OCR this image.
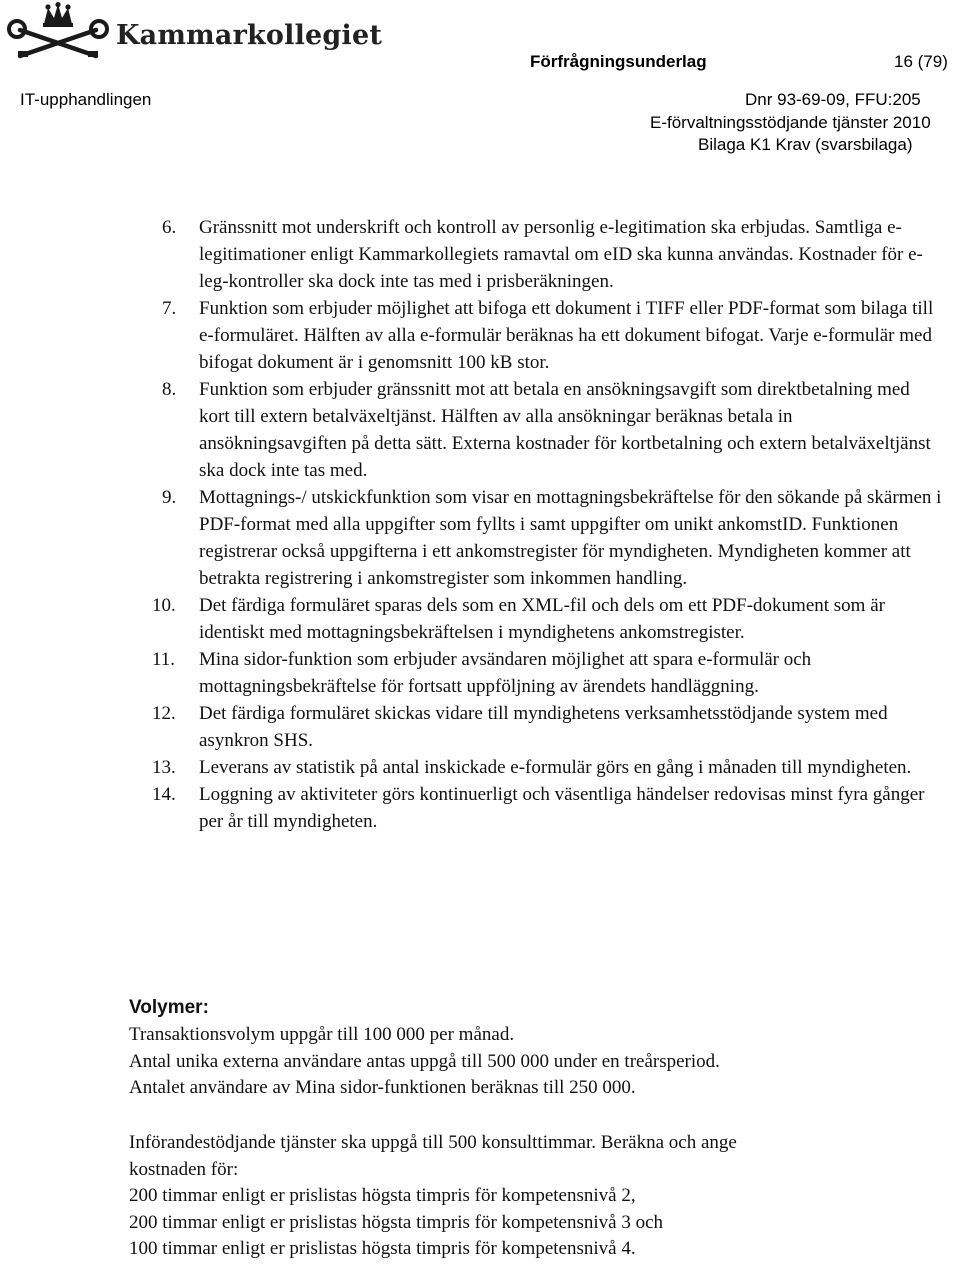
Kammarkollegiet
Förfrågningsunderlag	16 (79)
IT-upphandlingen	Dnr 93-69-09, FFU:205
E-förvaltningsstödjande tjänster 2010
Bilaga K1 Krav (svarsbilaga)
6. Gränssnitt mot underskrift och kontroll av personlig e-legitimation ska erbjudas. Samtliga e-legitimationer enligt Kammarkollegiets ramavtal om eID ska kunna användas. Kostnader för e-leg-kontroller ska dock inte tas med i prisberäkningen.
7. Funktion som erbjuder möjlighet att bifoga ett dokument i TIFF eller PDF-format som bilaga till e-formuläret. Hälften av alla e-formulär beräknas ha ett dokument bifogat. Varje e-formulär med bifogat dokument är i genomsnitt 100 kB stor.
8. Funktion som erbjuder gränssnitt mot att betala en ansökningsavgift som direktbetalning med kort till extern betalväxeltjänst. Hälften av alla ansökningar beräknas betala in ansökningsavgiften på detta sätt. Externa kostnader för kortbetalning och extern betalväxeltjänst ska dock inte tas med.
9. Mottagnings-/ utskickfunktion som visar en mottagningsbekräftelse för den sökande på skärmen i PDF-format med alla uppgifter som fyllts i samt uppgifter om unikt ankomstID. Funktionen registrerar också uppgifterna i ett ankomstregister för myndigheten. Myndigheten kommer att betrakta registrering i ankomstregister som inkommen handling.
10. Det färdiga formuläret sparas dels som en XML-fil och dels om ett PDF-dokument som är identiskt med mottagningsbekräftelsen i myndighetens ankomstregister.
11. Mina sidor-funktion som erbjuder avsändaren möjlighet att spara e-formulär och mottagningsbekräftelse för fortsatt uppföljning av ärendets handläggning.
12. Det färdiga formuläret skickas vidare till myndighetens verksamhetsstödjande system med asynkron SHS.
13. Leverans av statistik på antal inskickade e-formulär görs en gång i månaden till myndigheten.
14. Loggning av aktiviteter görs kontinuerligt och väsentliga händelser redovisas minst fyra gånger per år till myndigheten.
Volymer:
Transaktionsvolym uppgår till 100 000 per månad.
Antal unika externa användare antas uppgå till 500 000 under en treårsperiod.
Antalet användare av Mina sidor-funktionen beräknas till 250 000.
Införandestödjande tjänster ska uppgå till 500 konsulttimmar. Beräkna och ange
kostnaden för:
200 timmar enligt er prislistas högsta timpris för kompetensnivå 2,
200 timmar enligt er prislistas högsta timpris för kompetensnivå 3 och
100 timmar enligt er prislistas högsta timpris för kompetensnivå 4.
